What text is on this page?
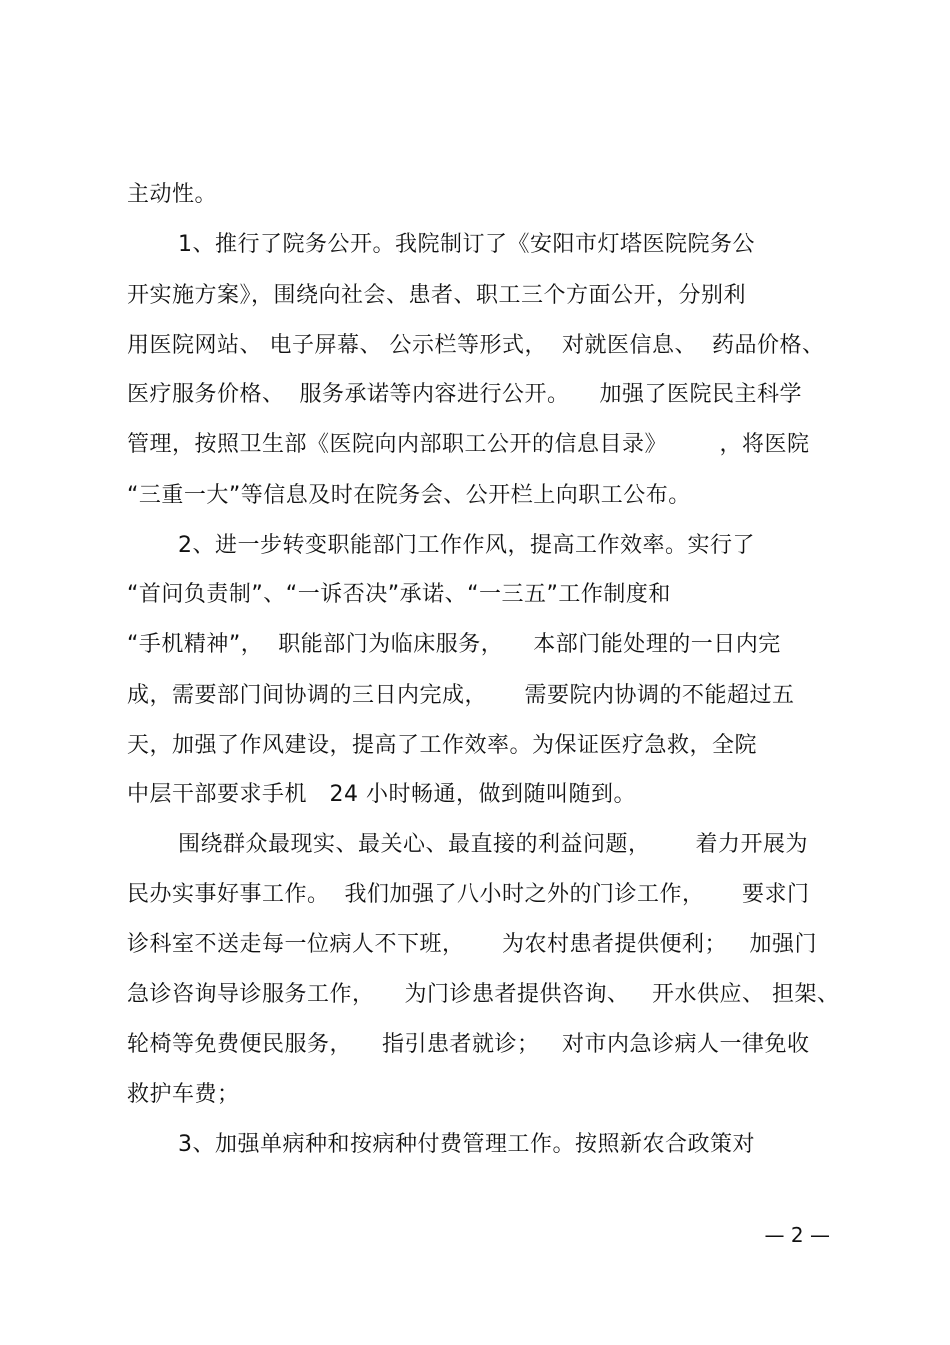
主动性。
1、推行了院务公开。我院制订了《安阳市灯塔医院院务公
开实施方案》，围绕向社会、患者、职工三个方面公开，分别利
用医院网站、 电子屏幕、 公示栏等形式，  对就医信息、  药品价格、
医疗服务价格、  服务承诺等内容进行公开。    加强了医院民主科学
管理，按照卫生部《医院向内部职工公开的信息目录》       ，将医院
“三重一大”等信息及时在院务会、公开栏上向职工公布。
2、进一步转变职能部门工作作风，提高工作效率。实行了
“首问负责制”、“一诉否决”承诺、“一三五”工作制度和
“手机精神”，  职能部门为临床服务，    本部门能处理的一日内完
成，需要部门间协调的三日内完成，     需要院内协调的不能超过五
天，加强了作风建设，提高了工作效率。为保证医疗急救，全院
中层干部要求手机   24 小时畅通，做到随叫随到。
围绕群众最现实、最关心、最直接的利益问题，      着力开展为
民办实事好事工作。  我们加强了八小时之外的门诊工作，     要求门
诊科室不送走每一位病人不下班，     为农村患者提供便利；   加强门
急诊咨询导诊服务工作，    为门诊患者提供咨询、   开水供应、 担架、
轮椅等免费便民服务，    指引患者就诊；   对市内急诊病人一律免收
救护车费；
3、加强单病种和按病种付费管理工作。按照新农合政策对
— 2 —
